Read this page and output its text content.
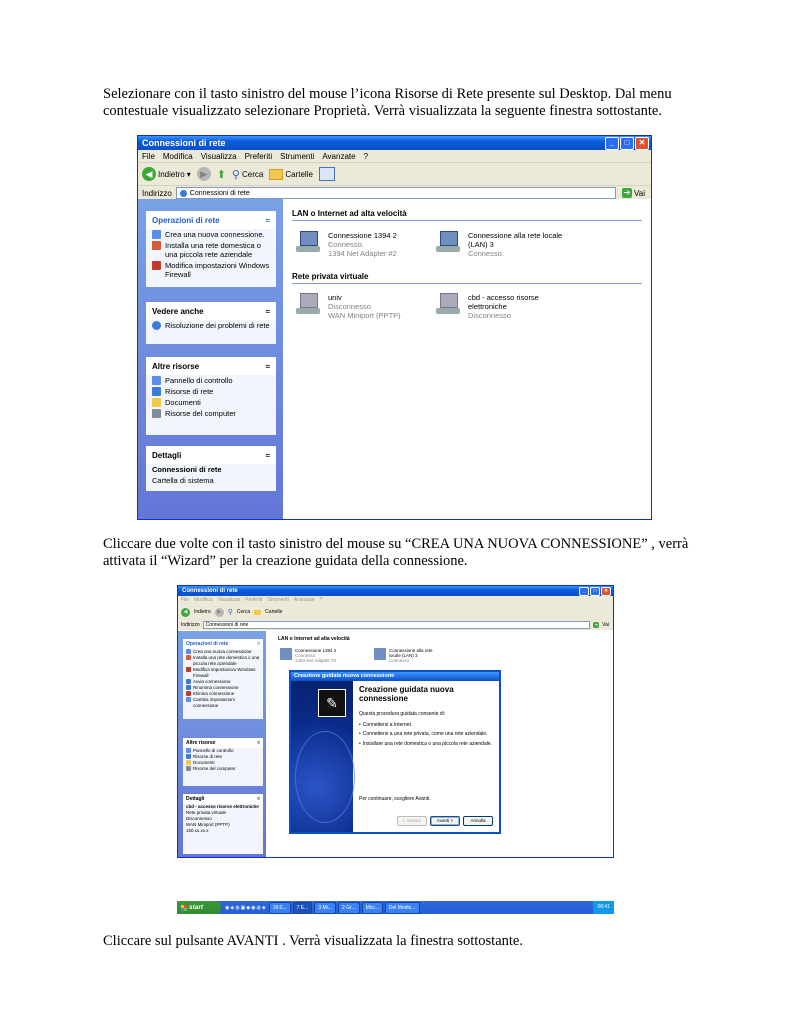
Selezionare con il tasto sinistro del mouse l’icona Risorse di Rete presente sul Desktop. Dal menu contestuale visualizzato selezionare Proprietà. Verrà visualizzata la seguente finestra sottostante.
Connessioni di rete	_	□	✕
File Modifica Visualizza Preferiti Strumenti Avanzate ?
◀ Indietro ▾	▶ ⬆ ⚲ Cerca	Cartelle
Indirizzo	Connessioni di rete	➔ Vai
Operazioni di rete	≈
Crea una nuova connessione.
Installa una rete domestica o una piccola rete aziendale
Modifica impostazioni Windows Firewall
Vedere anche	≈
Risoluzione dei problemi di rete
Altre risorse	≈
Pannello di controllo
Risorse di rete
Documenti
Risorse del computer
Dettagli	≈
Connessioni di rete
Cartella di sistema
LAN o Internet ad alta velocità
Connessione 1394 2
Connesso.
1394 Net Adapter #2
Connessione alla rete locale (LAN) 3
Connesso.
Rete privata virtuale
univ
Disconnesso
WAN Miniport (PPTP)
cbd - accesso risorse elettroniche
Disconnesso
Cliccare due volte con il tasto sinistro del mouse su “CREA UNA NUOVA CONNESSIONE” , verrà attivata il “Wizard” per la creazione guidata della connessione.
Connessioni di rete	_	□	✕
File Modifica Visualizza Preferiti Strumenti Avanzate ?
◀	Indietro	▶ ⚲ Cerca	Cartelle
Indirizzo	Connessioni di rete	➔ Vai
Operazioni di rete	≈
Crea una nuova connessione
Installa una rete domestica o una piccola rete aziendale
Modifica impostazioni Windows Firewall
Avvia connessione
Rinomina connessione
Elimina connessione
Cambia impostazioni connessione
Altre risorse	≈
Pannello di controllo
Risorse di rete
Documenti
Risorse del computer
Dettagli	≈
cbd - accesso risorse elettroniche
Rete privata virtuale
Disconnesso
WAN Miniport (PPTP)
150.xx.xx.x
LAN o Internet ad alta velocità
Connessione 1394 2
Connesso
1394 Net Adapter #2
Connessione alla rete locale (LAN) 3
Connesso
Creazione guidata nuova connessione
✎
Creazione guidata nuova connessione
Questa procedura guidata consente di:
• Connettersi a Internet.
• Connettersi a una rete privata, come una rete aziendale.
• Installare una rete domestica o una piccola rete aziendale.
Per continuare, scegliere Avanti.
< Indietro	Avanti >	Annulla
start	◉◈◍▣◆◉◍◈	16:0...	7 E...	3 Mi...	2 Gr...	Micr...	Del Medio...	08:41
Cliccare sul pulsante AVANTI . Verrà visualizzata la finestra sottostante.
